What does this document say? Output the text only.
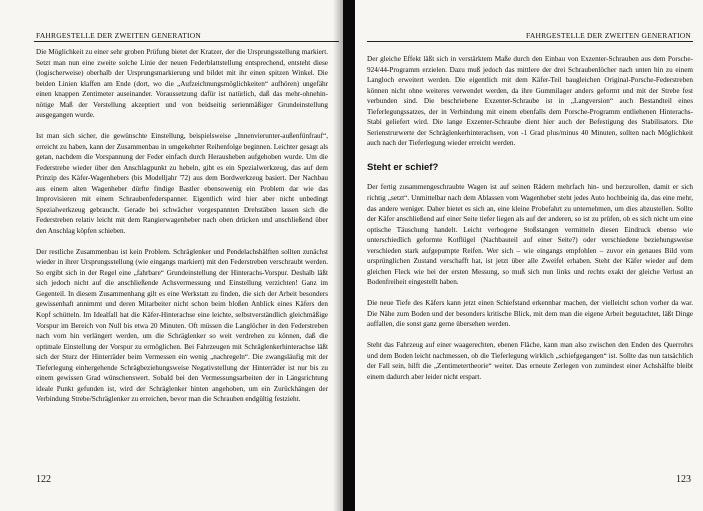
FAHRGESTELLE DER ZWEITEN GENERATION

Die Möglichkeit zu einer sehr groben Prüfung bietet der Kratzer, der die Ursprungsstellung markiert. Setzt man nun eine zweite solche Linie der neuen Federblattstellung entsprechend, entsteht diese (logischerweise) oberhalb der Ursprungsmarkierung und bildet mit ihr einen spitzen Winkel. Die beiden Linien klaffen am Ende (dort, wo die „Aufzeichnungsmöglichkeiten“ aufhören) ungefähr einen knappen Zentimeter auseinander. Voraussetzung dafür ist natürlich, daß das mehr-ohnehin-nötige Maß der Verstellung akzeptiert und von beidseitig serienmäßiger Grundeinstellung ausgegangen wurde.

Ist man sich sicher, die gewünschte Einstellung, beispielsweise „Innenvierunter-außenfünfrauf“, erreicht zu haben, kann der Zusammenbau in umgekehrter Reihenfolge beginnen. Leichter gesagt als getan, nachdem die Vorspannung der Feder einfach durch Herausheben aufgehoben wurde. Um die Federstrebe wieder über den Anschlagpunkt zu hebeln, gibt es ein Spezialwerkzeug, das auf dem Prinzip des Käfer-Wagenhebers (bis Modelljahr '72) aus dem Bordwerkzeug basiert. Der Nachbau aus einem alten Wagenheber dürfte findige Bastler ebensowenig ein Problem dar wie das Improvisieren mit einem Schraubenfederspanner. Eigentlich wird hier aber nicht unbedingt Spezialwerkzeug gebraucht. Gerade bei schwächer vorgespannten Drehstäben lassen sich die Federstreben relativ leicht mit dem Rangierwagenheber nach oben drücken und anschließend über den Anschlag köpfen schieben.

Der restliche Zusammenbau ist kein Problem. Schräglenker und Pendelachshälften sollten zunächst wieder in ihrer Ursprungsstellung (wie eingangs markiert) mit den Federstreben verschraubt werden. So ergibt sich in der Regel eine „fahrbare“ Grundeinstellung der Hinterachs-Vorspur. Deshalb läßt sich jedoch nicht auf die anschließende Achsvermessung und Einstellung verzichten! Ganz im Gegenteil. In diesem Zusammenhang gilt es eine Werkstatt zu finden, die sich der Arbeit besonders gewissenhaft annimmt und deren Mitarbeiter nicht schon beim bloßen Anblick eines Käfers den Kopf schütteln. Im Idealfall hat die Käfer-Hinterachse eine leichte, selbstverständlich gleichmäßige Vorspur im Bereich von Null bis etwa 20 Minuten. Oft müssen die Langlöcher in den Federstreben nach vorn hin verlängert werden, um die Schräglenker so weit verdrehen zu können, daß die optimale Einstellung der Vorspur zu ermöglichen. Bei Fahrzeugen mit Schräglenkerhinterachse läßt sich der Sturz der Hinterräder beim Vermessen ein wenig „nachregeln“. Die zwangsläufig mit der Tieferlegung einhergehende Schrägbeziehungsweise Negativstellung der Hinterräder ist nur bis zu einem gewissen Grad wünschenswert. Sobald bei den Vermessungsarbeiten der in Längsrichtung ideale Punkt gefunden ist, wird der Schräglenker hinten angehoben, um ein Zurückhängen der Verbindung Strebe/Schräglenker zu erreichen, bevor man die Schrauben endgültig festzieht.

122
FAHRGESTELLE DER ZWEITEN GENERATION

Der gleiche Effekt läßt sich in verstärktem Maße durch den Einbau von Exzenter-Schrauben aus dem Porsche-924/44-Programm erzielen. Dazu muß jedoch das mittlere der drei Schraubenlöcher nach unten hin zu einem Langloch erweitert werden. Die eigentlich mit dem Käfer-Teil baugleichen Original-Porsche-Federstreben können nicht ohne weiteres verwendet werden, da ihre Gummilager anders geformt und mit der Strebe fest verbunden sind. Die beschriebene Exzenter-Schraube ist in „Langversion“ auch Bestandteil eines Tieferlegungssatzes, der in Verbindung mit einem ebenfalls dem Porsche-Programm entliehenen Hinterachs-Stabi geliefert wird. Die lange Exzenter-Schraube dient hier auch der Befestigung des Stabilisators. Die Serienstrurwerte der Schräglenkerhinterachsen, von -1 Grad plus/minus 40 Minuten, sollten nach Möglichkeit auch nach der Tieferlegung wieder erreicht werden.

Steht er schief?

Der fertig zusammengeschraubte Wagen ist auf seinen Rädern mehrfach hin- und herzurollen, damit er sich richtig „setzt“. Unmittelbar nach dem Ablassen vom Wagenheber steht jedes Auto hochbeinig da, das eine mehr, das andere weniger. Daher bietet es sich an, eine kleine Probefahrt zu unternehmen, um dies abzustellen. Sollte der Käfer anschließend auf einer Seite tiefer liegen als auf der anderen, so ist zu prüfen, ob es sich nicht um eine optische Täuschung handelt. Leicht verbogene Stoßstangen vermitteln diesen Eindruck ebenso wie unterschiedlich geformte Kotflügel (Nachbauteil auf einer Seite?) oder verschiedene beziehungsweise verschieden stark aufgepumpte Reifen. Wer sich – wie eingangs empfohlen – zuvor ein genaues Bild vom ursprünglichen Zustand verschafft hat, ist jetzt über alle Zweifel erhaben. Steht der Käfer wieder auf dem gleichen Fleck wie bei der ersten Messung, so muß sich nun links und rechts exakt der gleiche Verlust an Bodenfreiheit eingestellt haben.

Die neue Tiefe des Käfers kann jetzt einen Schiefstand erkennbar machen, der vielleicht schon vorher da war. Die Nähe zum Boden und der besonders kritische Blick, mit dem man die eigene Arbeit begutachtet, läßt Dinge auffallen, die sonst ganz gerne übersehen werden.

Steht das Fahrzeug auf einer waagerechten, ebenen Fläche, kann man also zwischen den Enden des Querrohrs und dem Boden leicht nachmessen, ob die Tieferlegung wirklich „schiefgegangen“ ist. Sollte das nun tatsächlich der Fall sein, hilft die „Zentimetertheorie“ weiter. Das erneute Zerlegen von zumindest einer Achshälfte bleibt einem dadurch aber leider nicht erspart.

123
